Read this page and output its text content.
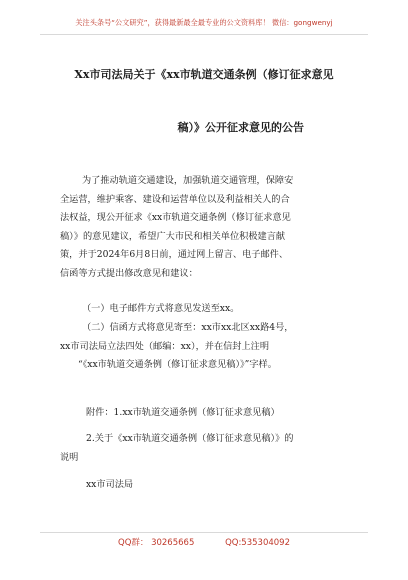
关注头条号“公文研究”，获得最新最全最专业的公文资料库！ 微信：gongwenyj
Xx市司法局关于《xx市轨道交通条例（修订征求意见
稿）》公开征求意见的公告
为了推动轨道交通建设，加强轨道交通管理，保障安
全运营，维护乘客、建设和运营单位以及利益相关人的合
法权益，现公开征求《xx市轨道交通条例（修订征求意见
稿）》的意见建议，希望广大市民和相关单位积极建言献
策，并于2024年6月8日前，通过网上留言、电子邮件、
信函等方式提出修改意见和建议：
（一）电子邮件方式将意见发送至xx。
（二）信函方式将意见寄至：xx市xx北区xx路4号，
xx市司法局立法四处（邮编：xx），并在信封上注明
“《xx市轨道交通条例（修订征求意见稿）》”字样。
附件：1.xx市轨道交通条例（修订征求意见稿）
2.关于《xx市轨道交通条例（修订征求意见稿）》的
说明
xx市司法局
QQ群： 30265665	QQ:535304092
